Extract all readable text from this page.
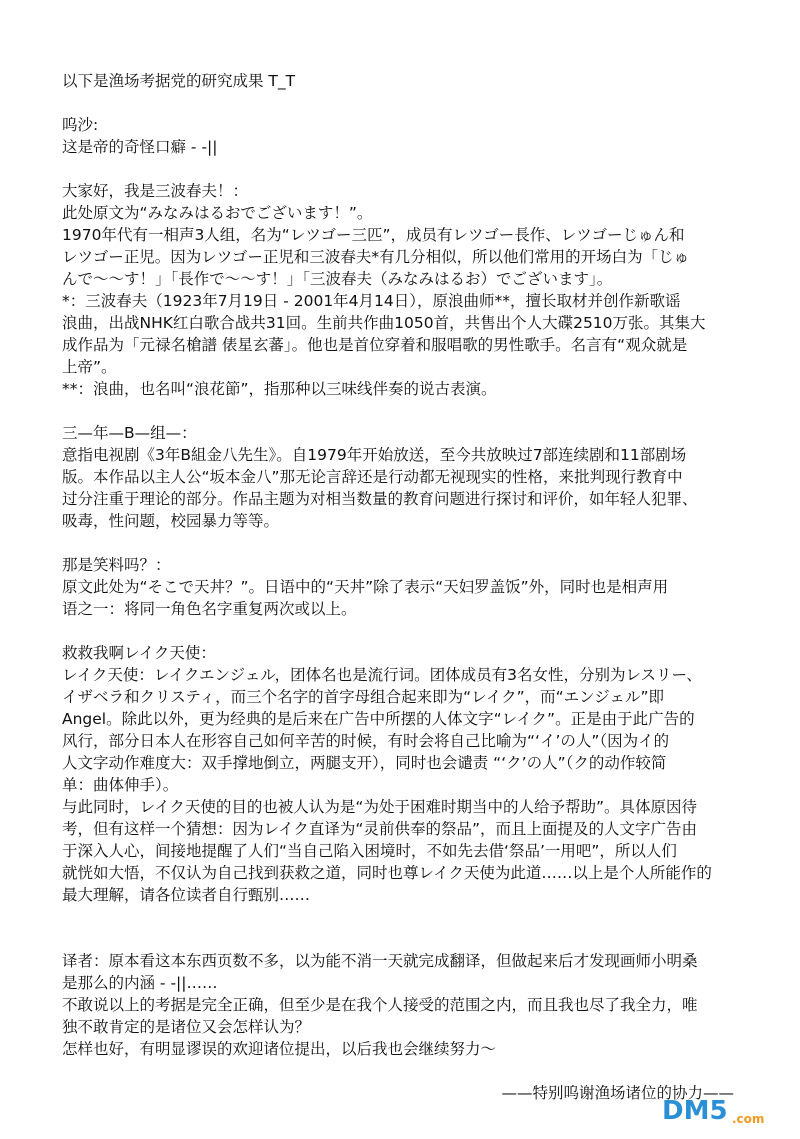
以下是渔场考据党的研究成果 T_T
呜沙:
这是帝的奇怪口癖 - -||
大家好，我是三波春夫！：
此处原文为“みなみはるおでございます！”。
1970年代有一相声3人组，名为“レツゴー三匹”，成员有レツゴー長作、レツゴーじゅん和
レツゴー正児。因为レツゴー正児和三波春夫*有几分相似，所以他们常用的开场白为「じゅ
んで～～す！」「長作で～～す！」「三波春夫（みなみはるお）でございます」。
*：三波春夫（1923年7月19日 - 2001年4月14日），原浪曲师**，擅长取材并创作新歌谣
浪曲，出战NHK红白歌合战共31回。生前共作曲1050首，共售出个人大碟2510万张。其集大
成作品为「元禄名槍譜 俵星玄蕃」。他也是首位穿着和服唱歌的男性歌手。名言有“观众就是
上帝”。
**：浪曲，也名叫“浪花節”，指那种以三味线伴奏的说古表演。
三—年—B—组—：
意指电视剧《3年B組金八先生》。自1979年开始放送，至今共放映过7部连续剧和11部剧场
版。本作品以主人公“坂本金八”那无论言辞还是行动都无视现实的性格，来批判现行教育中
过分注重于理论的部分。作品主题为对相当数量的教育问题进行探讨和评价，如年轻人犯罪、
吸毒，性问题，校园暴力等等。
那是笑料吗？：
原文此处为“そこで天丼？”。日语中的“天丼”除了表示“天妇罗盖饭”外，同时也是相声用
语之一：将同一角色名字重复两次或以上。
救救我啊レイク天使：
レイク天使：レイクエンジェル，团体名也是流行词。团体成员有3名女性，分别为レスリー、
イザベラ和クリスティ，而三个名字的首字母组合起来即为“レイク”，而“エンジェル”即
Angel。除此以外，更为经典的是后来在广告中所摆的人体文字“レイク”。正是由于此广告的
风行，部分日本人在形容自己如何辛苦的时候，有时会将自己比喻为“‘イ’の人”（因为イ的
人文字动作难度大：双手撑地倒立，两腿支开），同时也会谴责 “‘ク’の人”（ク的动作较简
单：曲体伸手）。
与此同时，レイク天使的目的也被人认为是“为处于困难时期当中的人给予帮助”。具体原因待
考，但有这样一个猜想：因为レイク直译为“灵前供奉的祭品”，而且上面提及的人文字广告由
于深入人心，间接地提醒了人们“当自己陷入困境时，不如先去借‘祭品’一用吧”，所以人们
就恍如大悟，不仅认为自己找到获救之道，同时也尊レイク天使为此道……以上是个人所能作的
最大理解，请各位读者自行甄别……
译者：原本看这本东西页数不多，以为能不消一天就完成翻译，但做起来后才发现画师小明桑
是那么的内涵 - -||……
不敢说以上的考据是完全正确，但至少是在我个人接受的范围之内，而且我也尽了我全力，唯
独不敢肯定的是诸位又会怎样认为？
怎样也好，有明显谬误的欢迎诸位提出，以后我也会继续努力～
——特别呜谢渔场诸位的协力——
DM5 .com
